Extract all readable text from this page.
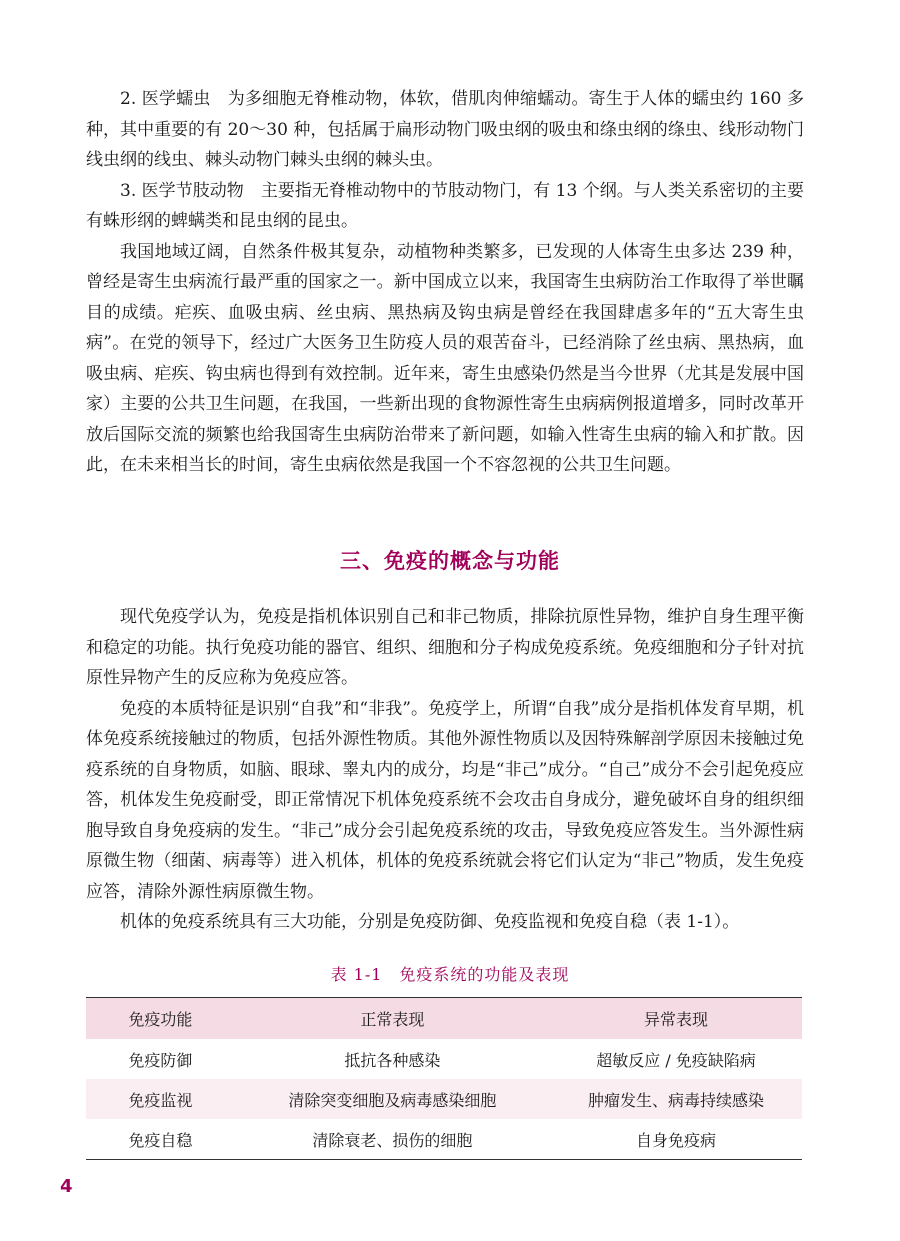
2. 医学蠕虫　为多细胞无脊椎动物，体软，借肌肉伸缩蠕动。寄生于人体的蠕虫约 160 多种，其中重要的有 20～30 种，包括属于扁形动物门吸虫纲的吸虫和绦虫纲的绦虫、线形动物门线虫纲的线虫、棘头动物门棘头虫纲的棘头虫。

3. 医学节肢动物　主要指无脊椎动物中的节肢动物门，有 13 个纲。与人类关系密切的主要有蛛形纲的蜱螨类和昆虫纲的昆虫。

我国地域辽阔，自然条件极其复杂，动植物种类繁多，已发现的人体寄生虫多达 239 种，曾经是寄生虫病流行最严重的国家之一。新中国成立以来，我国寄生虫病防治工作取得了举世瞩目的成绩。疟疾、血吸虫病、丝虫病、黑热病及钩虫病是曾经在我国肆虐多年的“五大寄生虫病”。在党的领导下，经过广大医务卫生防疫人员的艰苦奋斗，已经消除了丝虫病、黑热病，血吸虫病、疟疾、钩虫病也得到有效控制。近年来，寄生虫感染仍然是当今世界（尤其是发展中国家）主要的公共卫生问题，在我国，一些新出现的食物源性寄生虫病病例报道增多，同时改革开放后国际交流的频繁也给我国寄生虫病防治带来了新问题，如输入性寄生虫病的输入和扩散。因此，在未来相当长的时间，寄生虫病依然是我国一个不容忽视的公共卫生问题。

三、免疫的概念与功能

现代免疫学认为，免疫是指机体识别自己和非己物质，排除抗原性异物，维护自身生理平衡和稳定的功能。执行免疫功能的器官、组织、细胞和分子构成免疫系统。免疫细胞和分子针对抗原性异物产生的反应称为免疫应答。

免疫的本质特征是识别“自我”和“非我”。免疫学上，所谓“自我”成分是指机体发育早期，机体免疫系统接触过的物质，包括外源性物质。其他外源性物质以及因特殊解剖学原因未接触过免疫系统的自身物质，如脑、眼球、睾丸内的成分，均是“非己”成分。“自己”成分不会引起免疫应答，机体发生免疫耐受，即正常情况下机体免疫系统不会攻击自身成分，避免破坏自身的组织细胞导致自身免疫病的发生。“非己”成分会引起免疫系统的攻击，导致免疫应答发生。当外源性病原微生物（细菌、病毒等）进入机体，机体的免疫系统就会将它们认定为“非己”物质，发生免疫应答，清除外源性病原微生物。

机体的免疫系统具有三大功能，分别是免疫防御、免疫监视和免疫自稳（表 1-1）。

表 1-1　免疫系统的功能及表现
免疫功能	正常表现	异常表现
免疫防御	抵抗各种感染	超敏反应 / 免疫缺陷病
免疫监视	清除突变细胞及病毒感染细胞	肿瘤发生、病毒持续感染
免疫自稳	清除衰老、损伤的细胞	自身免疫病
4
